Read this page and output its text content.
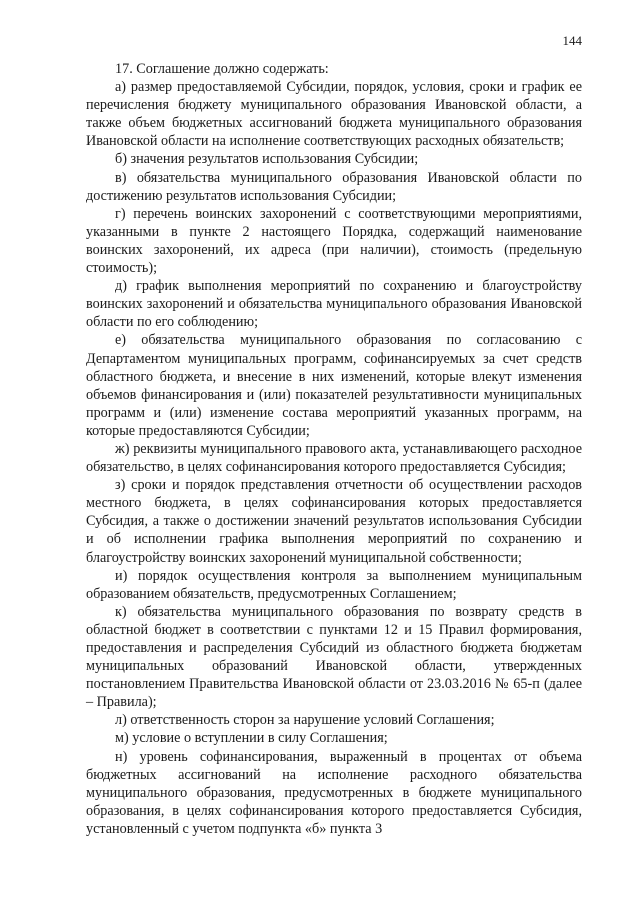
144

17. Соглашение должно содержать:

а) размер предоставляемой Субсидии, порядок, условия, сроки и график ее перечисления бюджету муниципального образования Ивановской области, а также объем бюджетных ассигнований бюджета муниципального образования Ивановской области на исполнение соответствующих расходных обязательств;

б) значения результатов использования Субсидии;

в) обязательства муниципального образования Ивановской области по достижению результатов использования Субсидии;

г) перечень воинских захоронений с соответствующими мероприятиями, указанными в пункте 2 настоящего Порядка, содержащий наименование воинских захоронений, их адреса (при наличии), стоимость (предельную стоимость);

д) график выполнения мероприятий по сохранению и благоустройству воинских захоронений и обязательства муниципального образования Ивановской области по его соблюдению;

е) обязательства муниципального образования по согласованию с Департаментом муниципальных программ, софинансируемых за счет средств областного бюджета, и внесение в них изменений, которые влекут изменения объемов финансирования и (или) показателей результативности муниципальных программ и (или) изменение состава мероприятий указанных программ, на которые предоставляются Субсидии;

ж) реквизиты муниципального правового акта, устанавливающего расходное обязательство, в целях софинансирования которого предоставляется Субсидия;

з) сроки и порядок представления отчетности об осуществлении расходов местного бюджета, в целях софинансирования которых предоставляется Субсидия, а также о достижении значений результатов использования Субсидии и об исполнении графика выполнения мероприятий по сохранению и благоустройству воинских захоронений муниципальной собственности;

и) порядок осуществления контроля за выполнением муниципальным образованием обязательств, предусмотренных Соглашением;

к) обязательства муниципального образования по возврату средств в областной бюджет в соответствии с пунктами 12 и 15 Правил формирования, предоставления и распределения Субсидий из областного бюджета бюджетам муниципальных образований Ивановской области, утвержденных постановлением Правительства Ивановской области от 23.03.2016 № 65-п (далее – Правила);

л) ответственность сторон за нарушение условий Соглашения;

м) условие о вступлении в силу Соглашения;

н) уровень софинансирования, выраженный в процентах от объема бюджетных ассигнований на исполнение расходного обязательства муниципального образования, предусмотренных в бюджете муниципального образования, в целях софинансирования которого предоставляется Субсидия, установленный с учетом подпункта «б» пункта 3
